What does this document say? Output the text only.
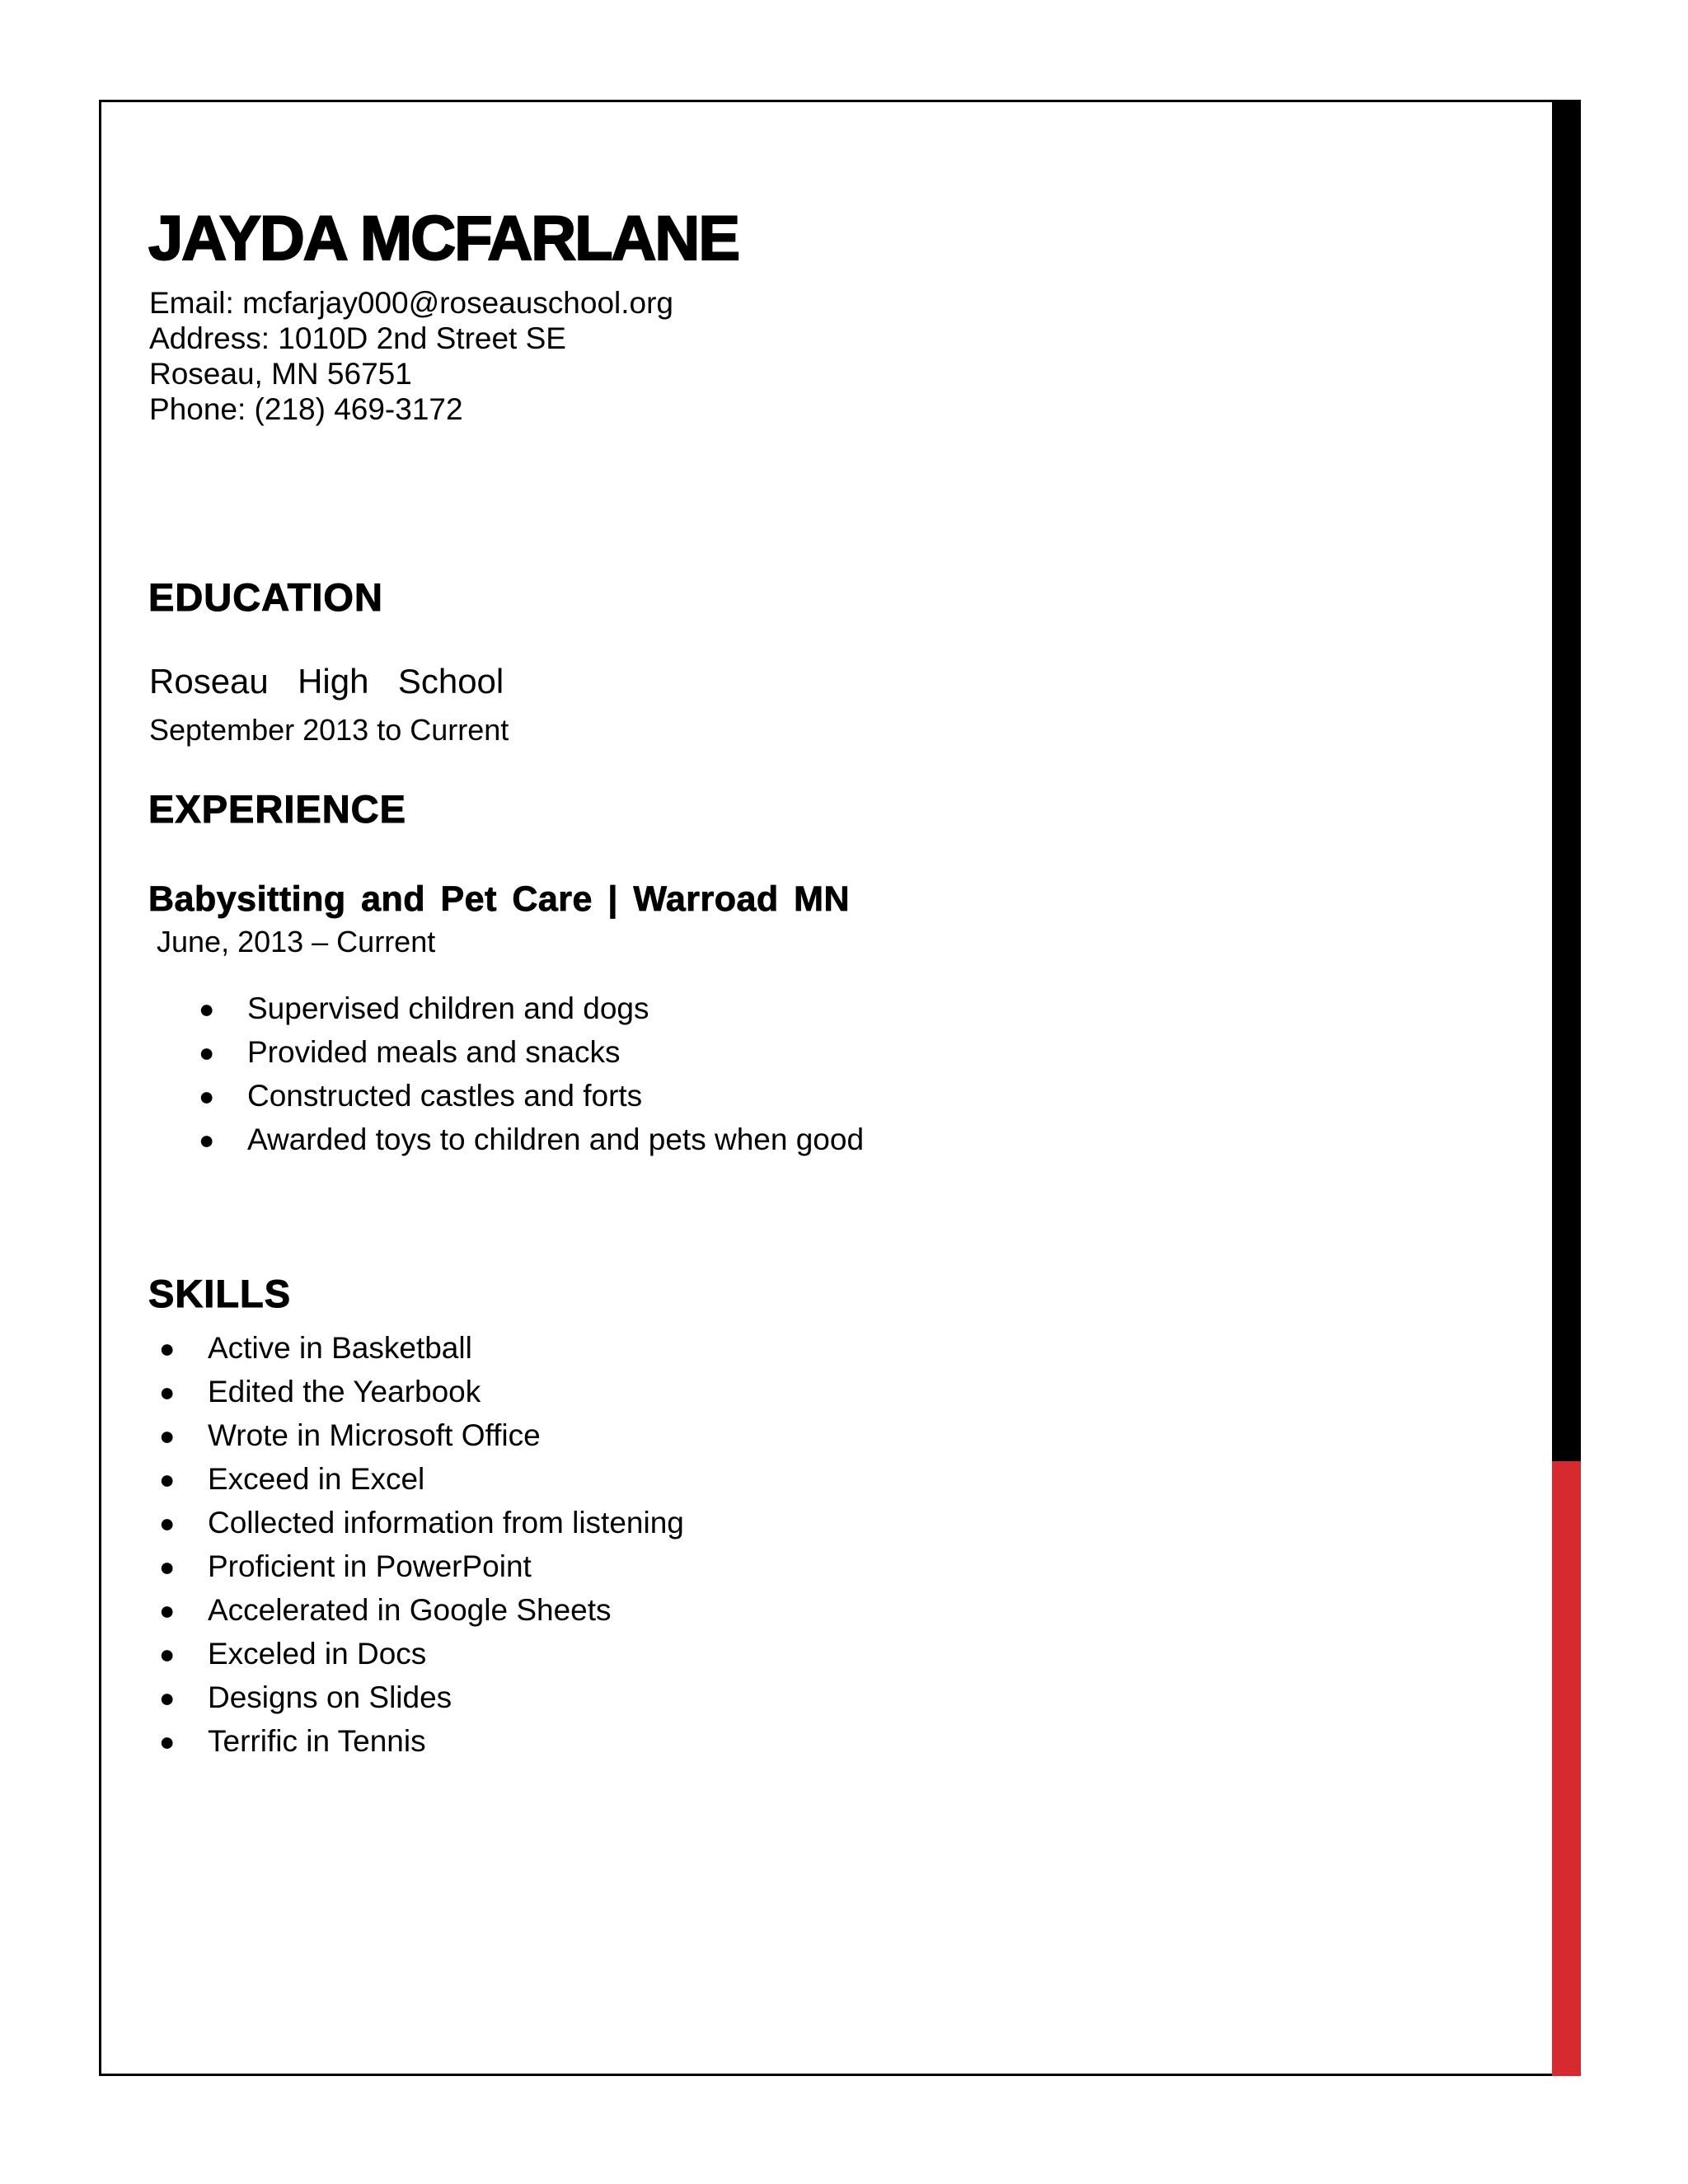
JAYDA MCFARLANE
Email: mcfarjay000@roseauschool.org
Address: 1010D 2nd Street SE
Roseau, MN 56751
Phone: (218) 469-3172
EDUCATION
Roseau  High  School
September 2013 to Current
EXPERIENCE
Babysitting and Pet Care | Warroad MN
June, 2013 – Current
● Supervised children and dogs
● Provided meals and snacks
● Constructed castles and forts
● Awarded toys to children and pets when good
SKILLS
● Active in Basketball
● Edited the Yearbook
● Wrote in Microsoft Office
● Exceed in Excel
● Collected information from listening
● Proficient in PowerPoint
● Accelerated in Google Sheets
● Exceled in Docs
● Designs on Slides
● Terrific in Tennis
